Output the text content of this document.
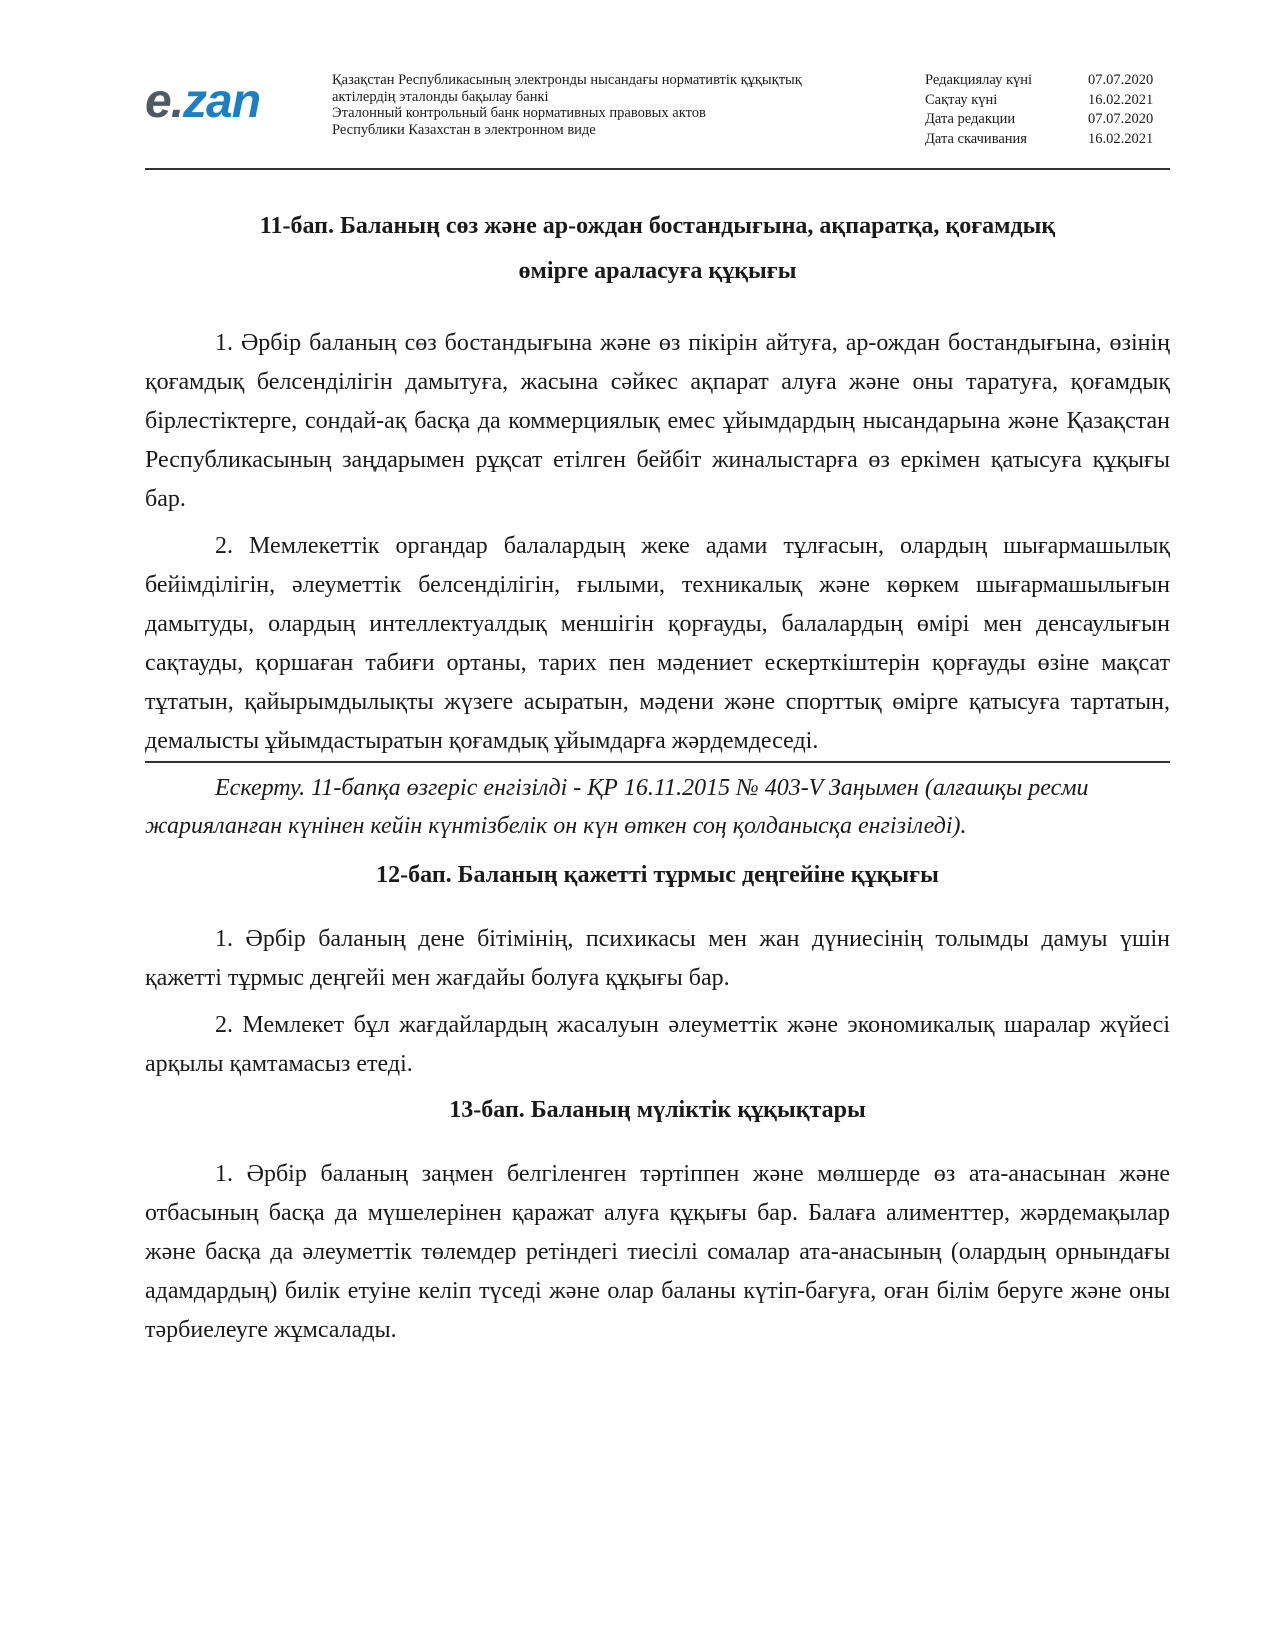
e.zan	Қазақстан Республикасының электронды нысандағы нормативтік құқықтық
актілердің эталонды бақылау банкі
Эталонный контрольный банк нормативных правовых актов
Республики Казахстан в электронном виде
Редакциялау күні	07.07.2020
Сақтау күні	16.02.2021
Дата редакции	07.07.2020
Дата скачивания	16.02.2021
11-бап. Баланың сөз және ар-ождан бостандығына, ақпаратқа, қоғамдық
өмірге араласуға құқығы

1. Әрбір баланың сөз бостандығына және өз пікірін айтуға, ар-ождан бостандығына, өзінің қоғамдық белсенділігін дамытуға, жасына сәйкес ақпарат алуға және оны таратуға, қоғамдық бірлестіктерге, сондай-ақ басқа да коммерциялық емес ұйымдардың нысандарына және Қазақстан Республикасының заңдарымен рұқсат етілген бейбіт жиналыстарға өз еркімен қатысуға құқығы бар.

2. Мемлекеттік органдар балалардың жеке адами тұлғасын, олардың шығармашылық бейімділігін, әлеуметтік белсенділігін, ғылыми, техникалық және көркем шығармашылығын дамытуды, олардың интеллектуалдық меншігін қорғауды, балалардың өмірі мен денсаулығын сақтауды, қоршаған табиғи ортаны, тарих пен мәдениет ескерткіштерін қорғауды өзіне мақсат тұтатын, қайырымдылықты жүзеге асыратын, мәдени және спорттық өмірге қатысуға тартатын, демалысты ұйымдастыратын қоғамдық ұйымдарға жәрдемдеседі.

Ескерту. 11-бапқа өзгеріс енгізілді - ҚР 16.11.2015 № 403-V Заңымен (алғашқы ресми жарияланған күнінен кейін күнтізбелік он күн өткен соң қолданысқа енгізіледі).

12-бап. Баланың қажетті тұрмыс деңгейіне құқығы

1. Әрбір баланың дене бітімінің, психикасы мен жан дүниесінің толымды дамуы үшін қажетті тұрмыс деңгейі мен жағдайы болуға құқығы бар.

2. Мемлекет бұл жағдайлардың жасалуын әлеуметтік және экономикалық шаралар жүйесі арқылы қамтамасыз етеді.

13-бап. Баланың мүліктік құқықтары

1. Әрбір баланың заңмен белгіленген тәртіппен және мөлшерде өз ата-анасынан және отбасының басқа да мүшелерінен қаражат алуға құқығы бар. Балаға алименттер, жәрдемақылар және басқа да әлеуметтік төлемдер ретіндегі тиесілі сомалар ата-анасының (олардың орнындағы адамдардың) билік етуіне келіп түседі және олар баланы күтіп-бағуға, оған білім беруге және оны тәрбиелеуге жұмсалады.
